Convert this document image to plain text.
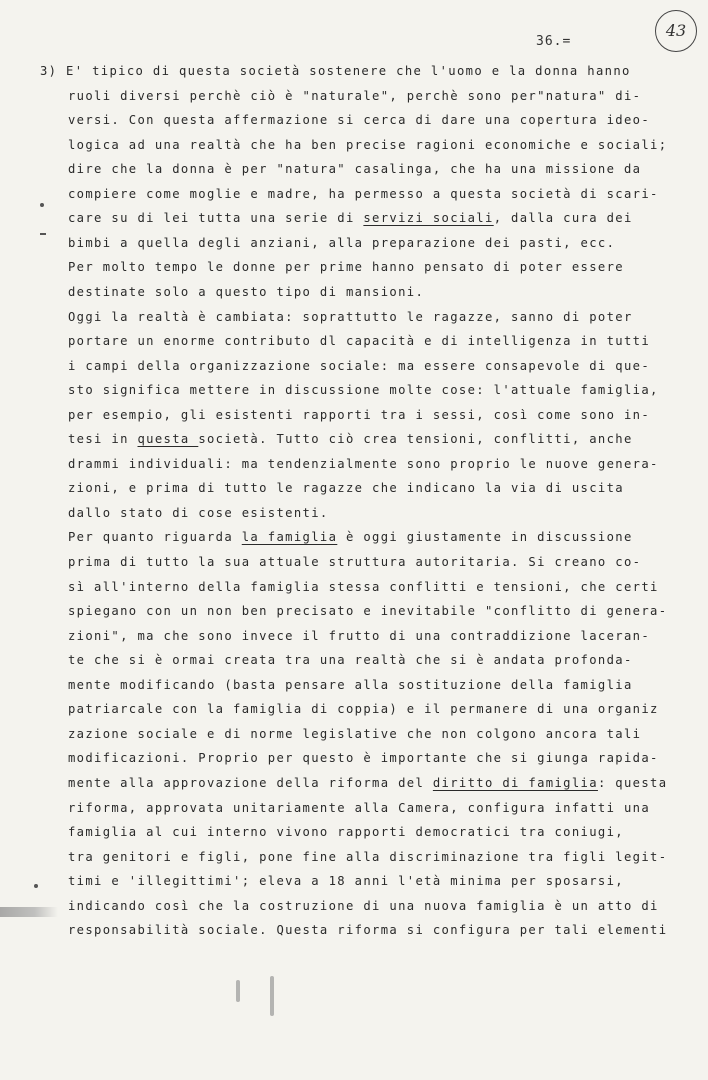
36.=
43
3) E' tipico di questa società sostenere che l'uomo e la donna hanno
ruoli diversi perchè ciò è "naturale", perchè sono per"natura" di-
versi. Con questa affermazione si cerca di dare una copertura ideo-
logica ad una realtà che ha ben precise ragioni economiche e sociali;
dire che la donna è per "natura" casalinga, che ha una missione da
compiere come moglie e madre, ha permesso a questa società di scari-
care su di lei tutta una serie di servizi sociali, dalla cura dei
bimbi a quella degli anziani, alla preparazione dei pasti, ecc.
Per molto tempo le donne per prime hanno pensato di poter essere
destinate solo a questo tipo di mansioni.
Oggi la realtà è cambiata: soprattutto le ragazze, sanno di poter
portare un enorme contributo dl capacità e di intelligenza in tutti
i campi della organizzazione sociale: ma essere consapevole di que-
sto significa mettere in discussione molte cose: l'attuale famiglia,
per esempio, gli esistenti rapporti tra i sessi, così come sono in-
tesi in questa società. Tutto ciò crea tensioni, conflitti, anche
drammi individuali: ma tendenzialmente sono proprio le nuove genera-
zioni, e prima di tutto le ragazze che indicano la via di uscita
dallo stato di cose esistenti.
Per quanto riguarda la famiglia è oggi giustamente in discussione
prima di tutto la sua attuale struttura autoritaria. Si creano co-
sì all'interno della famiglia stessa conflitti e tensioni, che certi
spiegano con un non ben precisato e inevitabile "conflitto di genera-
zioni", ma che sono invece il frutto di una contraddizione laceran-
te che si è ormai creata tra una realtà che si è andata profonda-
mente modificando (basta pensare alla sostituzione della famiglia
patriarcale con la famiglia di coppia) e il permanere di una organiz
zazione sociale e di norme legislative che non colgono ancora tali
modificazioni. Proprio per questo è importante che si giunga rapida-
mente alla approvazione della riforma del diritto di famiglia: questa
riforma, approvata unitariamente alla Camera, configura infatti una
famiglia al cui interno vivono rapporti democratici tra coniugi,
tra genitori e figli, pone fine alla discriminazione tra figli legit-
timi e 'illegittimi'; eleva a 18 anni l'età minima per sposarsi,
indicando così che la costruzione di una nuova famiglia è un atto di
responsabilità sociale. Questa riforma si configura per tali elementi
